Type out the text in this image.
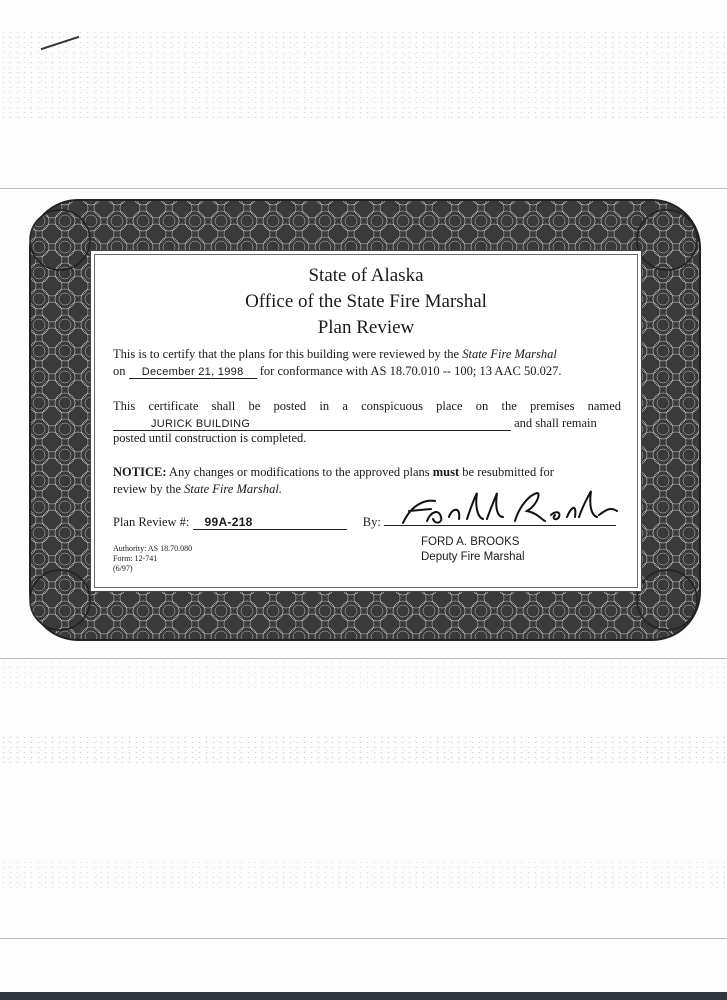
State of Alaska
Office of the State Fire Marshal
Plan Review
This is to certify that the plans for this building were reviewed by the State Fire Marshal
on December 21, 1998 for conformance with AS 18.70.010 -- 100; 13 AAC 50.027.
This certificate shall be posted in a conspicuous place on the premises named
JURICK BUILDING	and shall remain
posted until construction is completed.
NOTICE: Any changes or modifications to the approved plans must be resubmitted for
review by the State Fire Marshal.
Plan Review #: 99A-218	By:
FORD A. BROOKS
Deputy Fire Marshal
Authority: AS 18.70.080
Form: 12-741
(6/97)
